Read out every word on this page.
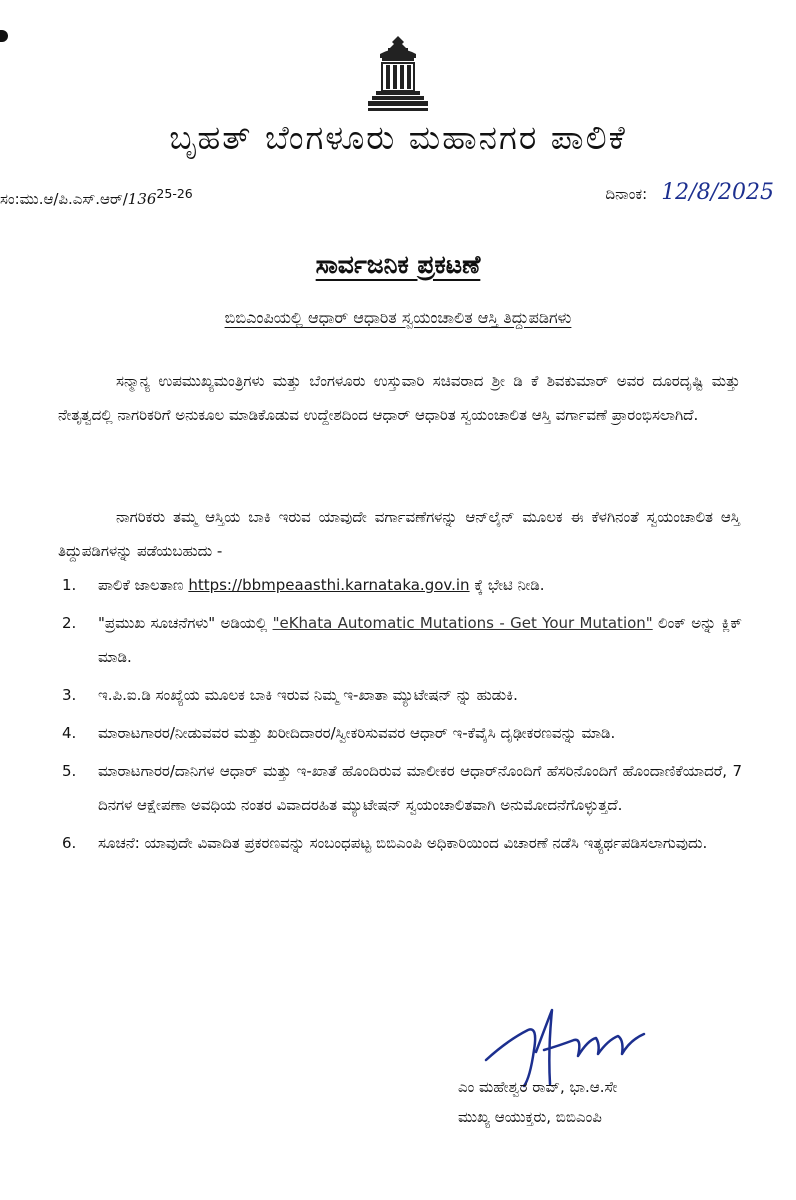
ಬೃಹತ್ ಬೆಂಗಳೂರು ಮಹಾನಗರ ಪಾಲಿಕೆ
ಸಂ:ಮು.ಆ/ಪಿ.ಎಸ್.ಆರ್/136$^{25-26}$	ದಿನಾಂಕ: 12/8/2025
ಸಾರ್ವಜನಿಕ ಪ್ರಕಟಣೆ
ಬಿಬಿಎಂಪಿಯಲ್ಲಿ ಆಧಾರ್ ಆಧಾರಿತ ಸ್ವಯಂಚಾಲಿತ ಆಸ್ತಿ ತಿದ್ದುಪಡಿಗಳು
ಸನ್ಮಾನ್ಯ ಉಪಮುಖ್ಯಮಂತ್ರಿಗಳು ಮತ್ತು ಬೆಂಗಳೂರು ಉಸ್ತುವಾರಿ ಸಚಿವರಾದ ಶ್ರೀ ಡಿ ಕೆ ಶಿವಕುಮಾರ್ ಅವರ ದೂರದೃಷ್ಟಿ ಮತ್ತು ನೇತೃತ್ವದಲ್ಲಿ ನಾಗರಿಕರಿಗೆ ಅನುಕೂಲ ಮಾಡಿಕೊಡುವ ಉದ್ದೇಶದಿಂದ ಆಧಾರ್ ಆಧಾರಿತ ಸ್ವಯಂಚಾಲಿತ ಆಸ್ತಿ ವರ್ಗಾವಣೆ ಪ್ರಾರಂಭಿಸಲಾಗಿದೆ.
ನಾಗರಿಕರು ತಮ್ಮ ಆಸ್ತಿಯ ಬಾಕಿ ಇರುವ ಯಾವುದೇ ವರ್ಗಾವಣೆಗಳನ್ನು ಆನ್‌ಲೈನ್ ಮೂಲಕ ಈ ಕೆಳಗಿನಂತೆ ಸ್ವಯಂಚಾಲಿತ ಆಸ್ತಿ ತಿದ್ದುಪಡಿಗಳನ್ನು ಪಡೆಯಬಹುದು -
1. ಪಾಲಿಕೆ ಜಾಲತಾಣ https://bbmpeaasthi.karnataka.gov.in ಕ್ಕೆ ಭೇಟಿ ನೀಡಿ.
2. "ಪ್ರಮುಖ ಸೂಚನೆಗಳು" ಅಡಿಯಲ್ಲಿ "eKhata Automatic Mutations - Get Your Mutation" ಲಿಂಕ್ ಅನ್ನು ಕ್ಲಿಕ್ ಮಾಡಿ.
3. ಇ.ಪಿ.ಐ.ಡಿ ಸಂಖ್ಯೆಯ ಮೂಲಕ ಬಾಕಿ ಇರುವ ನಿಮ್ಮ ಇ-ಖಾತಾ ಮ್ಯುಟೇಷನ್ ನ್ನು ಹುಡುಕಿ.
4. ಮಾರಾಟಗಾರರ/ನೀಡುವವರ ಮತ್ತು ಖರೀದಿದಾರರ/ಸ್ವೀಕರಿಸುವವರ ಆಧಾರ್ ಇ-ಕೆವೈಸಿ ದೃಢೀಕರಣವನ್ನು ಮಾಡಿ.
5. ಮಾರಾಟಗಾರರ/ದಾನಿಗಳ ಆಧಾರ್ ಮತ್ತು ಇ-ಖಾತೆ ಹೊಂದಿರುವ ಮಾಲೀಕರ ಆಧಾರ್‌ನೊಂದಿಗೆ ಹೆಸರಿನೊಂದಿಗೆ ಹೊಂದಾಣಿಕೆಯಾದರೆ, 7 ದಿನಗಳ ಆಕ್ಷೇಪಣಾ ಅವಧಿಯ ನಂತರ ವಿವಾದರಹಿತ ಮ್ಯುಟೇಷನ್ ಸ್ವಯಂಚಾಲಿತವಾಗಿ ಅನುಮೋದನೆಗೊಳ್ಳುತ್ತದೆ.
6. ಸೂಚನೆ: ಯಾವುದೇ ವಿವಾದಿತ ಪ್ರಕರಣವನ್ನು ಸಂಬಂಧಪಟ್ಟ ಬಿಬಿಎಂಪಿ ಅಧಿಕಾರಿಯಿಂದ ವಿಚಾರಣೆ ನಡೆಸಿ ಇತ್ಯರ್ಥಪಡಿಸಲಾಗುವುದು.
ಎಂ ಮಹೇಶ್ವರ ರಾವ್, ಭಾ.ಆ.ಸೇ
ಮುಖ್ಯ ಆಯುಕ್ತರು, ಬಿಬಿಎಂಪಿ
